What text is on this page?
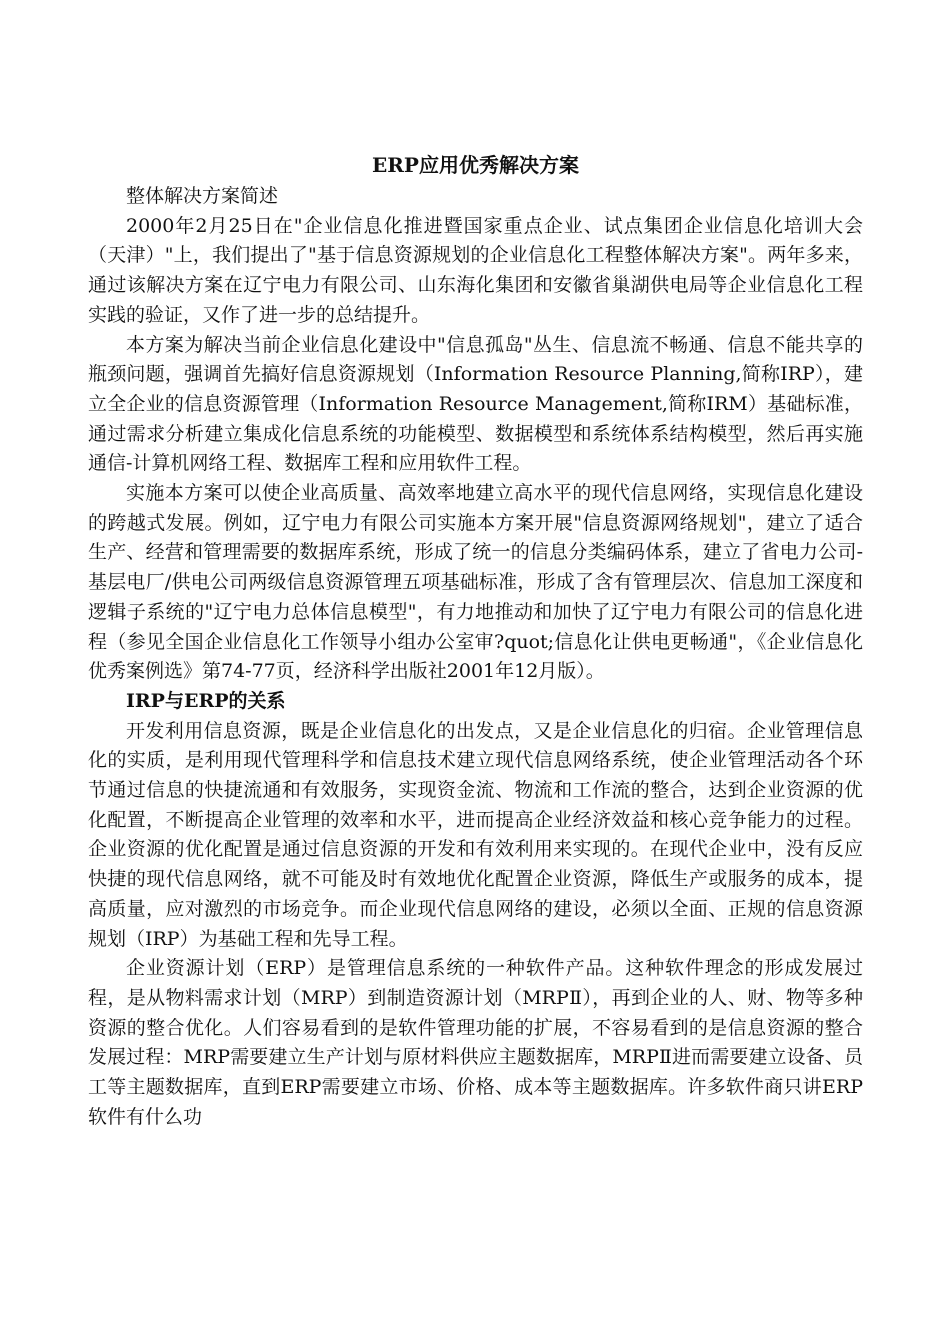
ERP应用优秀解决方案

整体解决方案简述

2000年2月25日在"企业信息化推进暨国家重点企业、试点集团企业信息化培训大会（天津）"上，我们提出了"基于信息资源规划的企业信息化工程整体解决方案"。两年多来，通过该解决方案在辽宁电力有限公司、山东海化集团和安徽省巢湖供电局等企业信息化工程实践的验证，又作了进一步的总结提升。

本方案为解决当前企业信息化建设中"信息孤岛"丛生、信息流不畅通、信息不能共享的瓶颈问题，强调首先搞好信息资源规划（Information Resource Planning,简称IRP），建立全企业的信息资源管理（Information Resource Management,简称IRM）基础标准，通过需求分析建立集成化信息系统的功能模型、数据模型和系统体系结构模型，然后再实施通信-计算机网络工程、数据库工程和应用软件工程。

实施本方案可以使企业高质量、高效率地建立高水平的现代信息网络，实现信息化建设的跨越式发展。例如，辽宁电力有限公司实施本方案开展"信息资源网络规划"，建立了适合生产、经营和管理需要的数据库系统，形成了统一的信息分类编码体系，建立了省电力公司-基层电厂/供电公司两级信息资源管理五项基础标准，形成了含有管理层次、信息加工深度和逻辑子系统的"辽宁电力总体信息模型"，有力地推动和加快了辽宁电力有限公司的信息化进程（参见全国企业信息化工作领导小组办公室审?quot;信息化让供电更畅通"，《企业信息化优秀案例选》第74-77页，经济科学出版社2001年12月版）。

IRP与ERP的关系

开发利用信息资源，既是企业信息化的出发点，又是企业信息化的归宿。企业管理信息化的实质，是利用现代管理科学和信息技术建立现代信息网络系统，使企业管理活动各个环节通过信息的快捷流通和有效服务，实现资金流、物流和工作流的整合，达到企业资源的优化配置，不断提高企业管理的效率和水平，进而提高企业经济效益和核心竞争能力的过程。企业资源的优化配置是通过信息资源的开发和有效利用来实现的。在现代企业中，没有反应快捷的现代信息网络，就不可能及时有效地优化配置企业资源，降低生产或服务的成本，提高质量，应对激烈的市场竞争。而企业现代信息网络的建设，必须以全面、正规的信息资源规划（IRP）为基础工程和先导工程。

企业资源计划（ERP）是管理信息系统的一种软件产品。这种软件理念的形成发展过程，是从物料需求计划（MRP）到制造资源计划（MRPⅡ），再到企业的人、财、物等多种资源的整合优化。人们容易看到的是软件管理功能的扩展，不容易看到的是信息资源的整合发展过程：MRP需要建立生产计划与原材料供应主题数据库，MRPⅡ进而需要建立设备、员工等主题数据库，直到ERP需要建立市场、价格、成本等主题数据库。许多软件商只讲ERP软件有什么功
